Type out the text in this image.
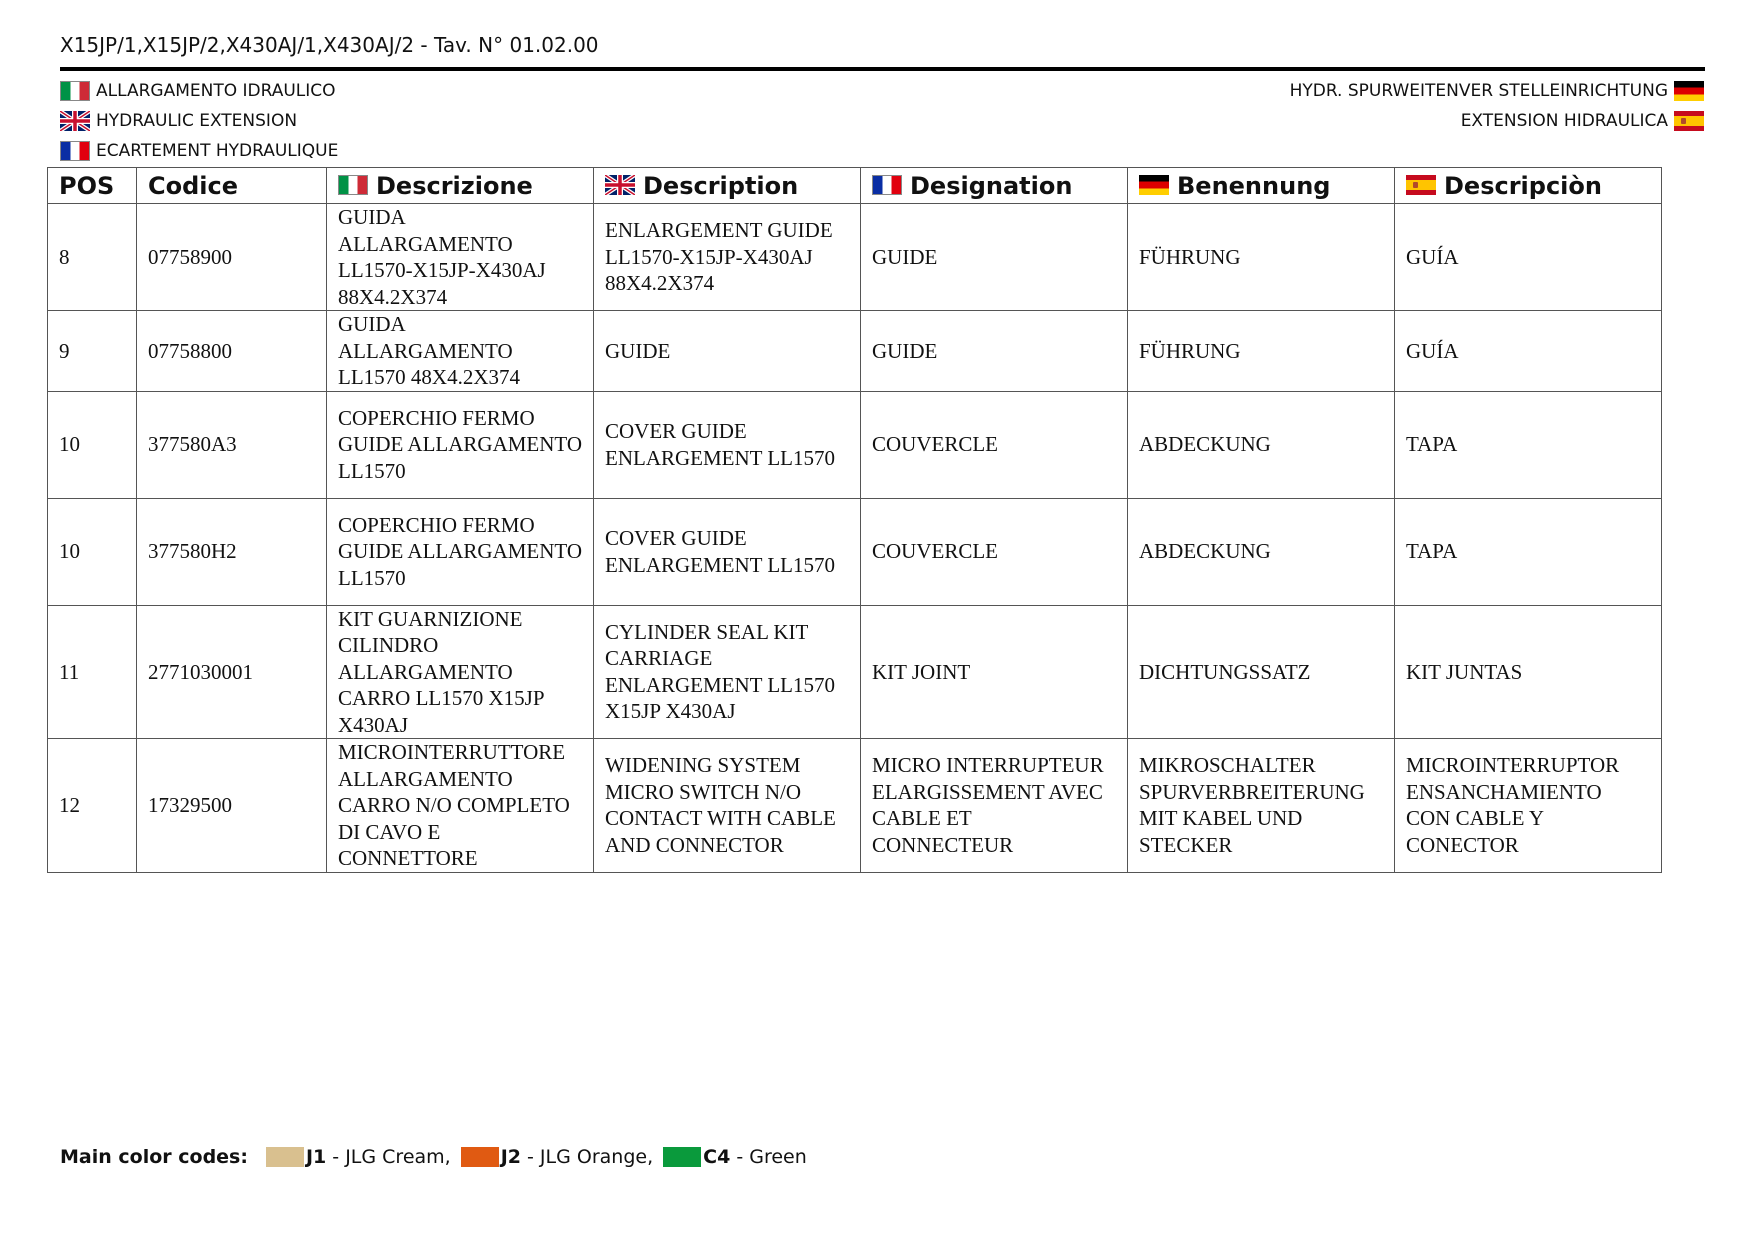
X15JP/1,X15JP/2,X430AJ/1,X430AJ/2 - Tav. N° 01.02.00
ALLARGAMENTO IDRAULICO
HYDRAULIC EXTENSION
ECARTEMENT HYDRAULIQUE
HYDR. SPURWEITENVER STELLEINRICHTUNG
EXTENSION HIDRAULICA
POS	Codice	Descrizione	Description	Designation	Benennung	Descripciòn
8	07758900	GUIDA ALLARGAMENTO LL1570-X15JP-X430AJ 88X4.2X374	ENLARGEMENT GUIDE LL1570-X15JP-X430AJ 88X4.2X374	GUIDE	FÜHRUNG	GUÍA
9	07758800	GUIDA ALLARGAMENTO LL1570 48X4.2X374	GUIDE	GUIDE	FÜHRUNG	GUÍA
10	377580A3	COPERCHIO FERMO GUIDE ALLARGAMENTO LL1570	COVER GUIDE ENLARGEMENT LL1570	COUVERCLE	ABDECKUNG	TAPA
10	377580H2	COPERCHIO FERMO GUIDE ALLARGAMENTO LL1570	COVER GUIDE ENLARGEMENT LL1570	COUVERCLE	ABDECKUNG	TAPA
11	2771030001	KIT GUARNIZIONE CILINDRO ALLARGAMENTO CARRO LL1570 X15JP X430AJ	CYLINDER SEAL KIT CARRIAGE ENLARGEMENT LL1570 X15JP X430AJ	KIT JOINT	DICHTUNGSSATZ	KIT JUNTAS
12	17329500	MICROINTERRUTTORE ALLARGAMENTO CARRO N/O COMPLETO DI CAVO E CONNETTORE	WIDENING SYSTEM MICRO SWITCH N/O CONTACT WITH CABLE AND CONNECTOR	MICRO INTERRUPTEUR ELARGISSEMENT AVEC CABLE ET CONNECTEUR	MIKROSCHALTER SPURVERBREITERUNG MIT KABEL UND STECKER	MICROINTERRUPTOR ENSANCHAMIENTO CON CABLE Y CONECTOR
Main color codes:	J1 - JLG Cream,	J2 - JLG Orange,	C4 - Green
